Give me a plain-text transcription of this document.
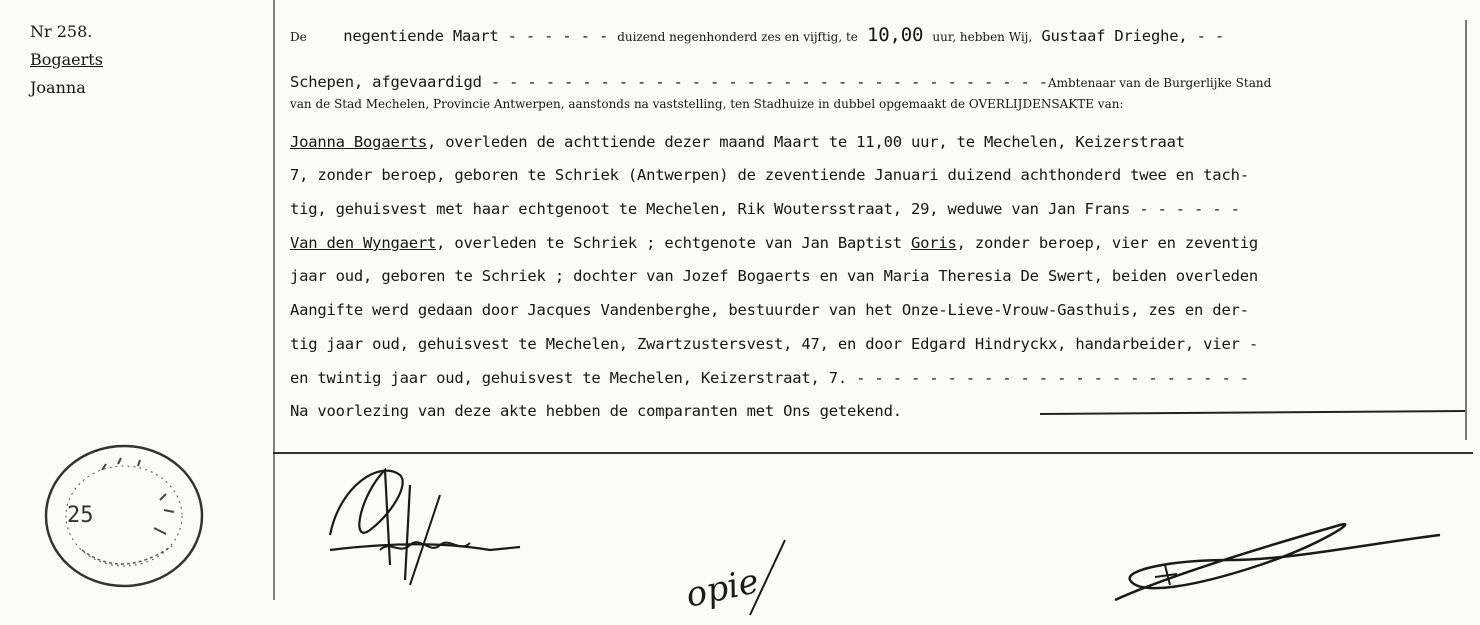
Nr 258.
Bogaerts
Joanna
De negentiende Maart - - - - - - duizend negenhonderd zes en vijftig, te 10,00 uur, hebben Wij, Gustaaf Drieghe, - -
Schepen, afgevaardigd - - - - - - - - - - - - - - - - - - - - - - - - - - - - - - -Ambtenaar van de Burgerlijke Stand
van de Stad Mechelen, Provincie Antwerpen, aanstonds na vaststelling, ten Stadhuize in dubbel opgemaakt de OVERLIJDENSAKTE van:
Joanna Bogaerts, overleden de achttiende dezer maand Maart te 11,00 uur, te Mechelen, Keizerstraat
7, zonder beroep, geboren te Schriek (Antwerpen) de zeventiende Januari duizend achthonderd twee en tach-
tig, gehuisvest met haar echtgenoot te Mechelen, Rik Woutersstraat, 29, weduwe van Jan Frans - - - - - -
Van den Wyngaert, overleden te Schriek ; echtgenote van Jan Baptist Goris, zonder beroep, vier en zeventig
jaar oud, geboren te Schriek ; dochter van Jozef Bogaerts en van Maria Theresia De Swert, beiden overleden
Aangifte werd gedaan door Jacques Vandenberghe, bestuurder van het Onze-Lieve-Vrouw-Gasthuis, zes en der-
tig jaar oud, gehuisvest te Mechelen, Zwartzustersvest, 47, en door Edgard Hindryckx, handarbeider, vier -
en twintig jaar oud, gehuisvest te Mechelen, Keizerstraat, 7. - - - - - - - - - - - - - - - - - - - - - -
Na voorlezing van deze akte hebben de comparanten met Ons getekend.
25
opie
